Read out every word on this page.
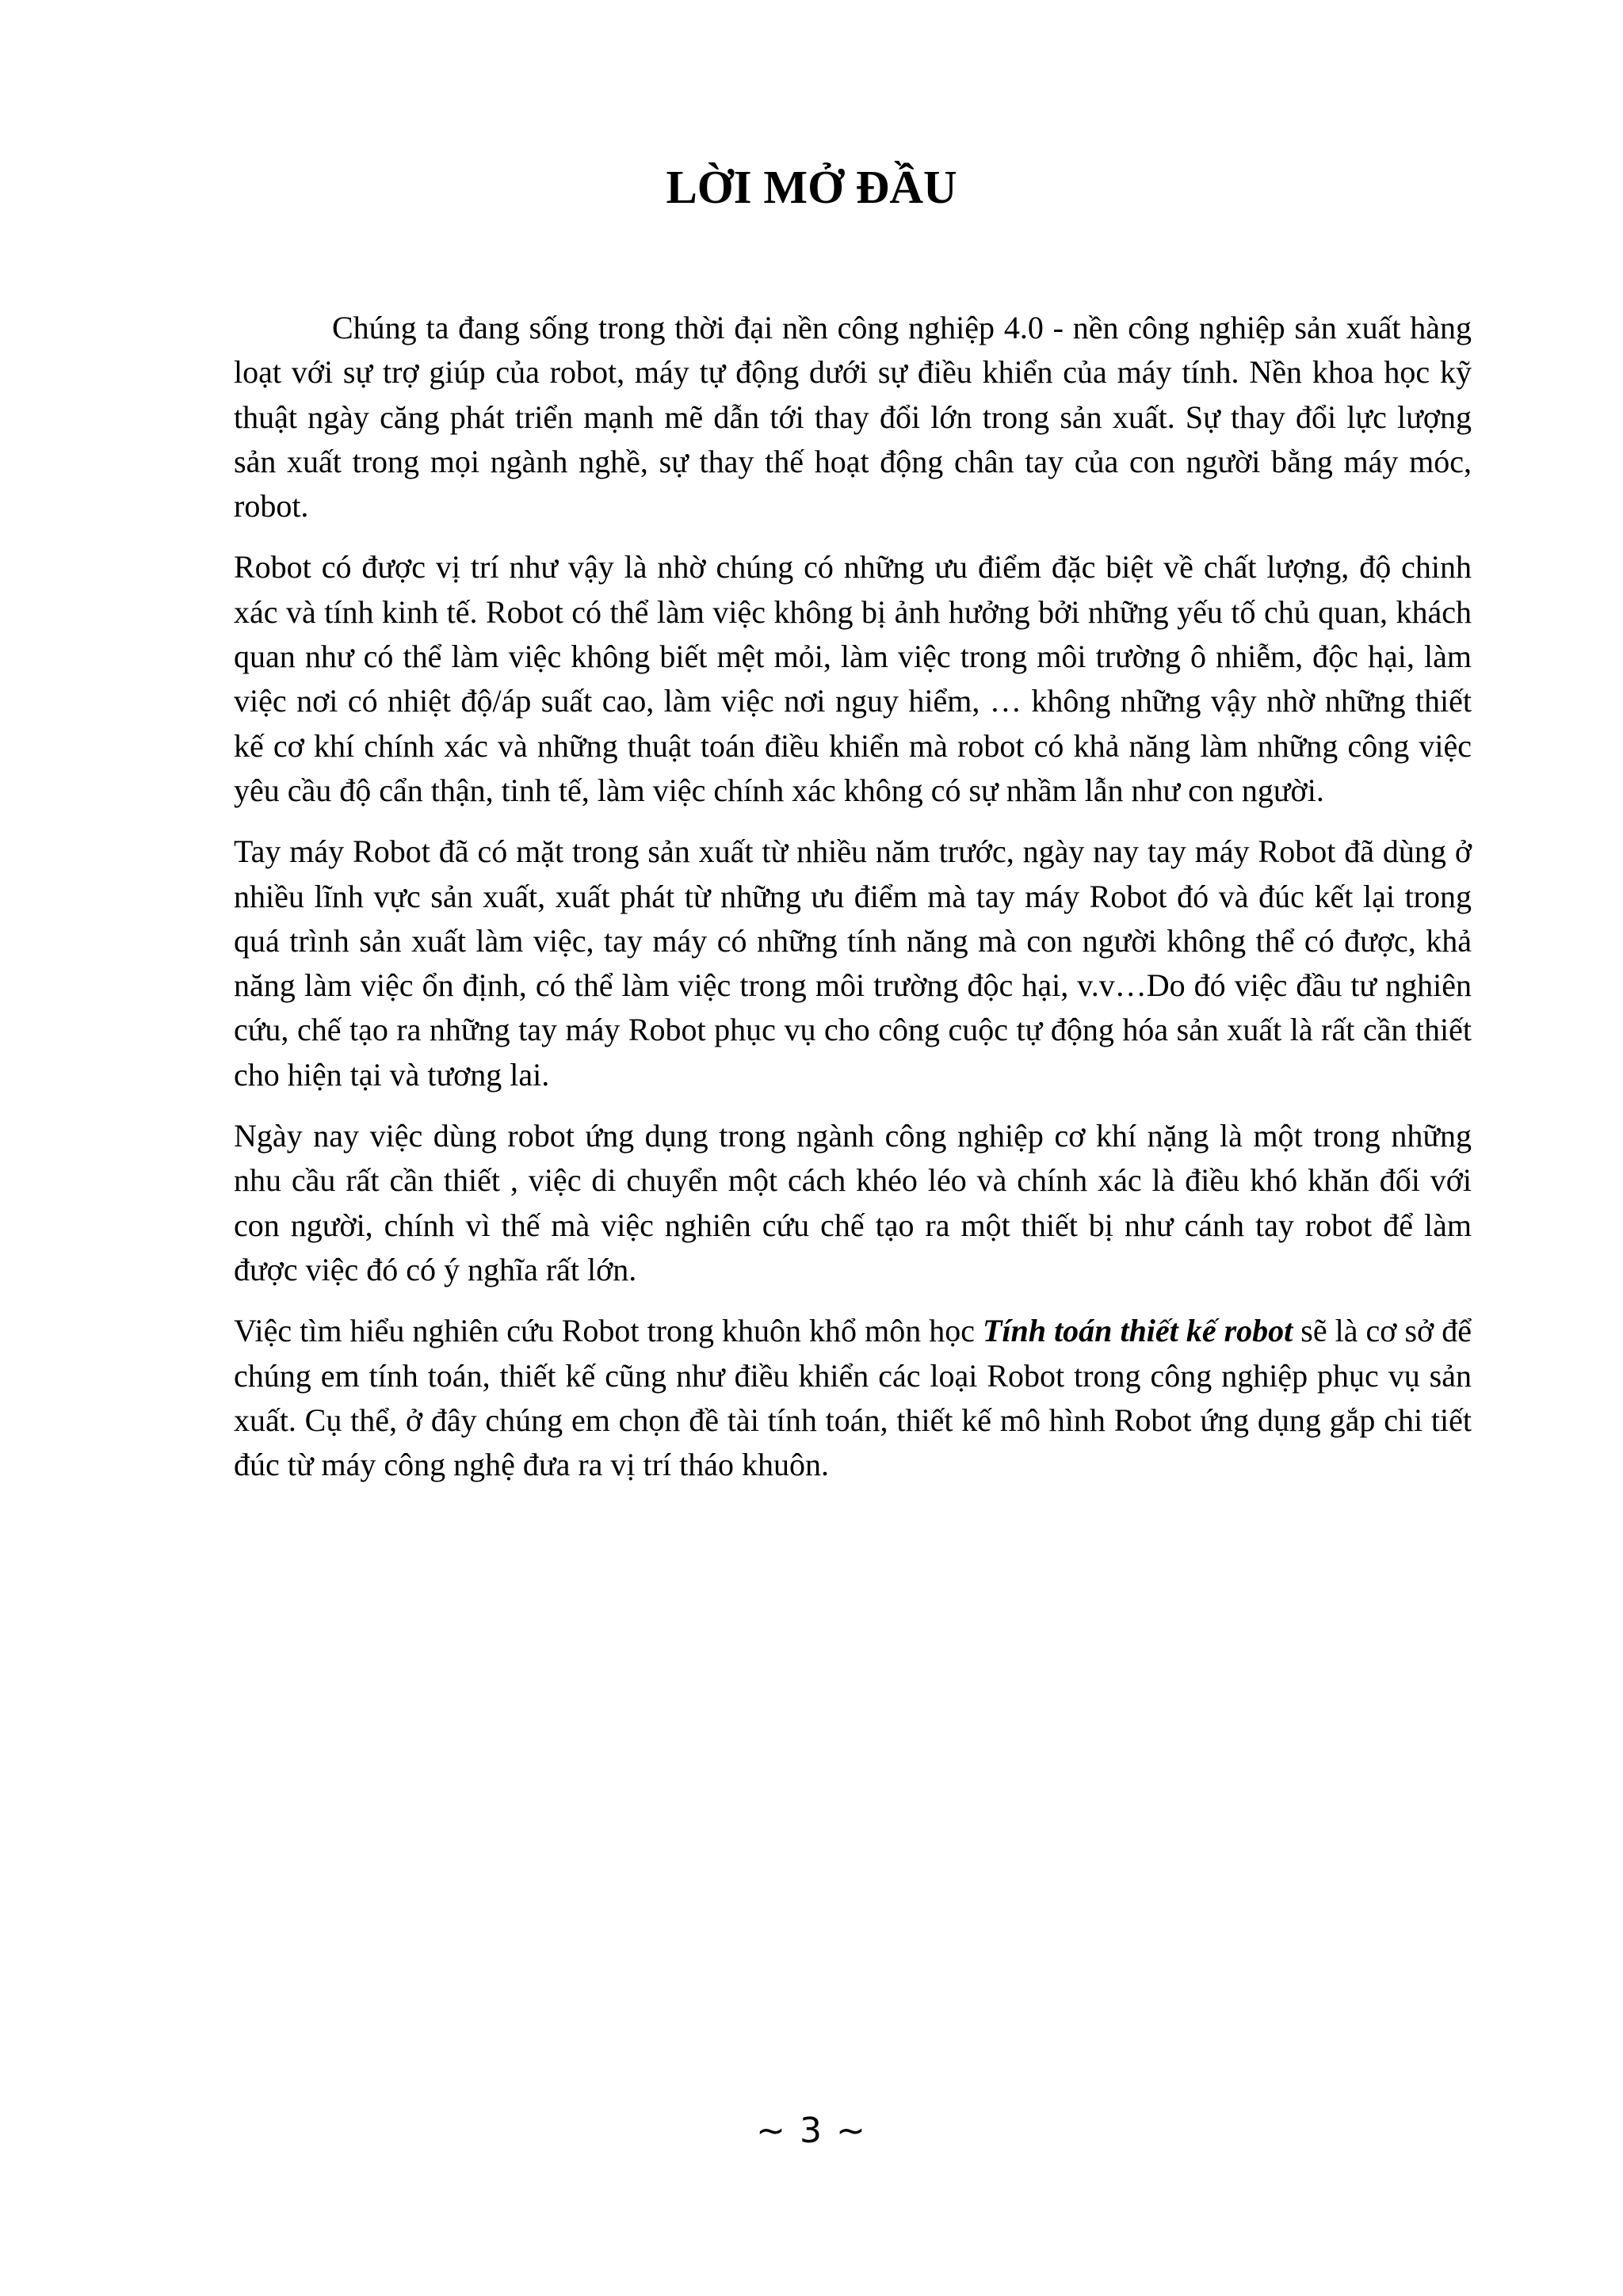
LỜI MỞ ĐẦU

Chúng ta đang sống trong thời đại nền công nghiệp 4.0 - nền công nghiệp sản xuất hàng loạt với sự trợ giúp của robot, máy tự động dưới sự điều khiển của máy tính. Nền khoa học kỹ thuật ngày căng phát triển mạnh mẽ dẫn tới thay đổi lớn trong sản xuất. Sự thay đổi lực lượng sản xuất trong mọi ngành nghề, sự thay thế hoạt động chân tay của con người bằng máy móc, robot.

Robot có được vị trí như vậy là nhờ chúng có những ưu điểm đặc biệt về chất lượng, độ chinh xác và tính kinh tế. Robot có thể làm việc không bị ảnh hưởng bởi những yếu tố chủ quan, khách quan như có thể làm việc không biết mệt mỏi, làm việc trong môi trường ô nhiễm, độc hại, làm việc nơi có nhiệt độ/áp suất cao, làm việc nơi nguy hiểm, … không những vậy nhờ những thiết kế cơ khí chính xác và những thuật toán điều khiển mà robot có khả năng làm những công việc yêu cầu độ cẩn thận, tinh tế, làm việc chính xác không có sự nhầm lẫn như con người.

Tay máy Robot đã có mặt trong sản xuất từ nhiều năm trước, ngày nay tay máy Robot đã dùng ở nhiều lĩnh vực sản xuất, xuất phát từ những ưu điểm mà tay máy Robot đó và đúc kết lại trong quá trình sản xuất làm việc, tay máy có những tính năng mà con người không thể có được, khả năng làm việc ổn định, có thể làm việc trong môi trường độc hại, v.v…Do đó việc đầu tư nghiên cứu, chế tạo ra những tay máy Robot phục vụ cho công cuộc tự động hóa sản xuất là rất cần thiết cho hiện tại và tương lai.

Ngày nay việc dùng robot ứng dụng trong ngành công nghiệp cơ khí nặng là một trong những nhu cầu rất cần thiết , việc di chuyển một cách khéo léo và chính xác là điều khó khăn đối với con người, chính vì thế mà việc nghiên cứu chế tạo ra một thiết bị như cánh tay robot để làm được việc đó có ý nghĩa rất lớn.

Việc tìm hiểu nghiên cứu Robot trong khuôn khổ môn học Tính toán thiết kế robot sẽ là cơ sở để chúng em tính toán, thiết kế cũng như điều khiển các loại Robot trong công nghiệp phục vụ sản xuất. Cụ thể, ở đây chúng em chọn đề tài tính toán, thiết kế mô hình Robot ứng dụng gắp chi tiết đúc từ máy công nghệ đưa ra vị trí tháo khuôn.

~ 3 ~
